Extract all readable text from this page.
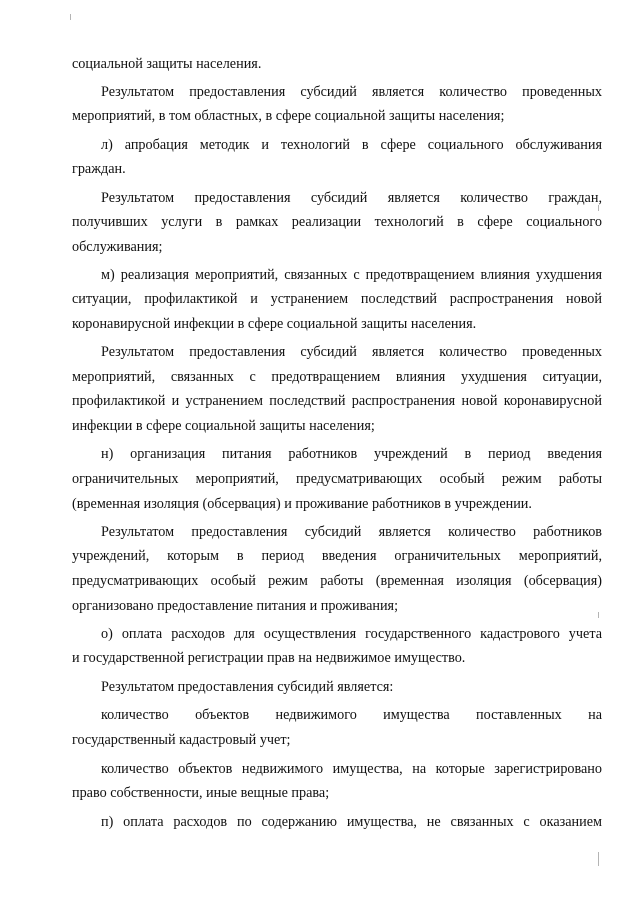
социальной защиты населения.
Результатом предоставления субсидий является количество проведенных
мероприятий, в том областных, в сфере социальной защиты населения;
л) апробация методик и технологий в сфере социального обслуживания
граждан.
Результатом предоставления субсидий является количество граждан,
получивших услуги в рамках реализации технологий в сфере социального
обслуживания;
м) реализация мероприятий, связанных с предотвращением влияния ухудшения
ситуации, профилактикой и устранением последствий распространения новой
коронавирусной инфекции в сфере социальной защиты населения.
Результатом предоставления субсидий является количество проведенных
мероприятий, связанных с предотвращением влияния ухудшения ситуации,
профилактикой и устранением последствий распространения новой коронавирусной
инфекции в сфере социальной защиты населения;
н) организация питания работников учреждений в период введения
ограничительных мероприятий, предусматривающих особый режим работы
(временная изоляция (обсервация) и проживание работников в учреждении.
Результатом предоставления субсидий является количество работников
учреждений, которым в период введения ограничительных мероприятий,
предусматривающих особый режим работы (временная изоляция (обсервация)
организовано предоставление питания и проживания;
о) оплата расходов для осуществления государственного кадастрового учета
и государственной регистрации прав на недвижимое имущество.
Результатом предоставления субсидий является:
количество объектов недвижимого имущества поставленных на
государственный кадастровый учет;
количество объектов недвижимого имущества, на которые зарегистрировано
право собственности, иные вещные права;
п) оплата расходов по содержанию имущества, не связанных с оказанием
